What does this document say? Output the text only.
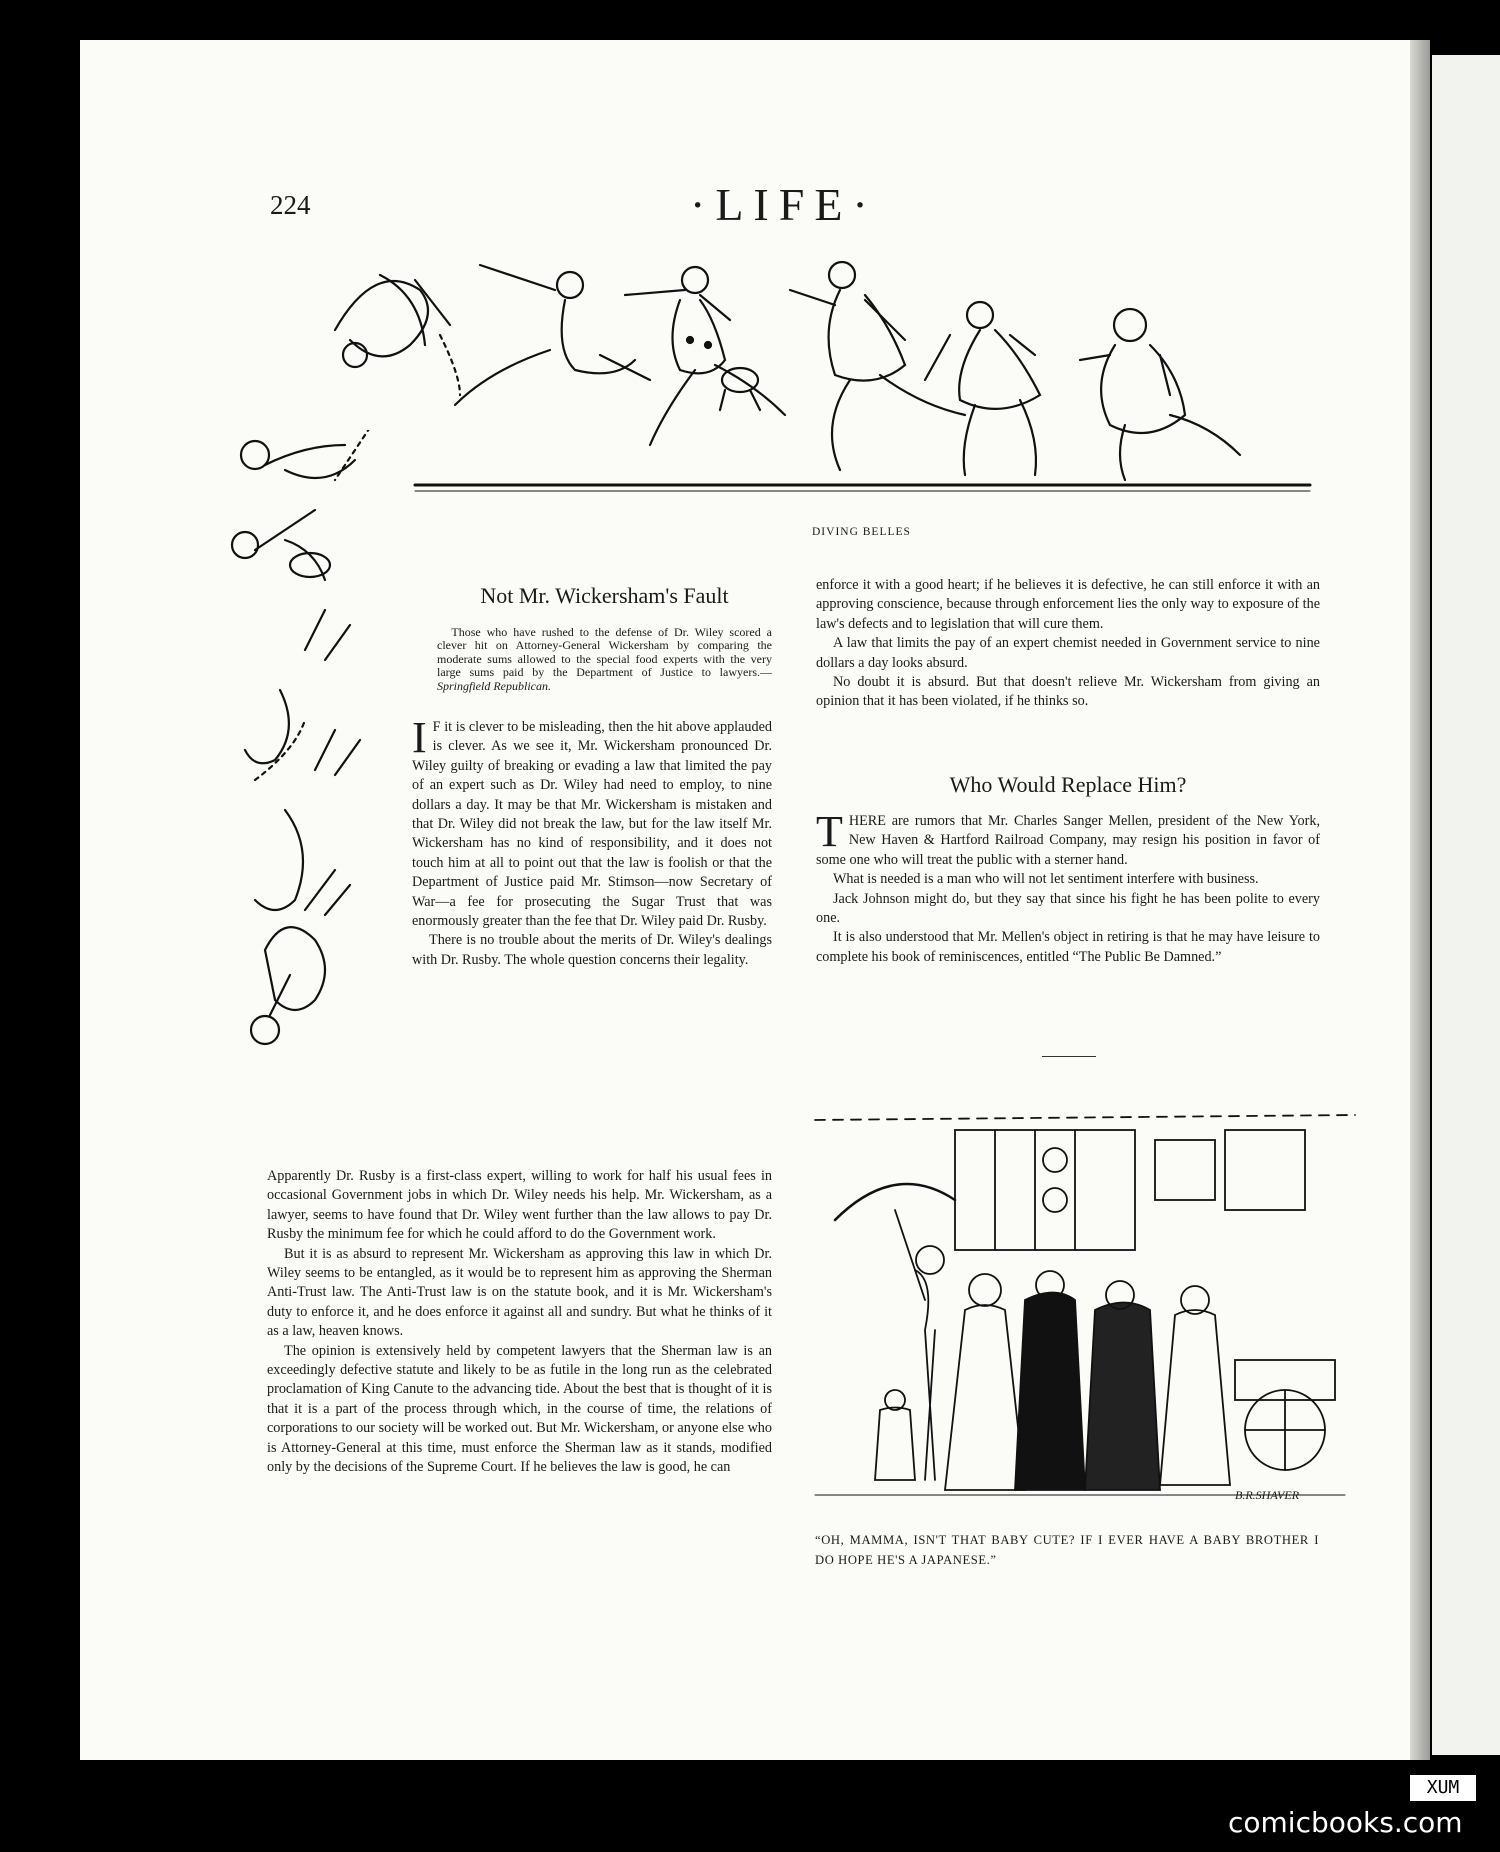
224	·LIFE·
DIVING BELLES
Not Mr. Wickersham's Fault
Those who have rushed to the defense of Dr. Wiley scored a clever hit on Attorney-General Wickersham by comparing the moderate sums allowed to the special food experts with the very large sums paid by the Department of Justice to lawyers.—Springfield Republican.

I F it is clever to be misleading, then the hit above applauded is clever. As we see it, Mr. Wickersham pronounced Dr. Wiley guilty of breaking or evading a law that limited the pay of an expert such as Dr. Wiley had need to employ, to nine dollars a day. It may be that Mr. Wickersham is mistaken and that Dr. Wiley did not break the law, but for the law itself Mr. Wickersham has no kind of responsibility, and it does not touch him at all to point out that the law is foolish or that the Department of Justice paid Mr. Stimson—now Secretary of War—a fee for prosecuting the Sugar Trust that was enormously greater than the fee that Dr. Wiley paid Dr. Rusby.

There is no trouble about the merits of Dr. Wiley's dealings with Dr. Rusby. The whole question concerns their legality.

Apparently Dr. Rusby is a first-class expert, willing to work for half his usual fees in occasional Government jobs in which Dr. Wiley needs his help. Mr. Wickersham, as a lawyer, seems to have found that Dr. Wiley went further than the law allows to pay Dr. Rusby the minimum fee for which he could afford to do the Government work.

But it is as absurd to represent Mr. Wickersham as approving this law in which Dr. Wiley seems to be entangled, as it would be to represent him as approving the Sherman Anti-Trust law. The Anti-Trust law is on the statute book, and it is Mr. Wickersham's duty to enforce it, and he does enforce it against all and sundry. But what he thinks of it as a law, heaven knows.

The opinion is extensively held by competent lawyers that the Sherman law is an exceedingly defective statute and likely to be as futile in the long run as the celebrated proclamation of King Canute to the advancing tide. About the best that is thought of it is that it is a part of the process through which, in the course of time, the relations of corporations to our society will be worked out. But Mr. Wickersham, or anyone else who is Attorney-General at this time, must enforce the Sherman law as it stands, modified only by the decisions of the Supreme Court. If he believes the law is good, he can

enforce it with a good heart; if he believes it is defective, he can still enforce it with an approving conscience, because through enforcement lies the only way to exposure of the law's defects and to legislation that will cure them.

A law that limits the pay of an expert chemist needed in Government service to nine dollars a day looks absurd.

No doubt it is absurd. But that doesn't relieve Mr. Wickersham from giving an opinion that it has been violated, if he thinks so.

Who Would Replace Him?

THERE are rumors that Mr. Charles Sanger Mellen, president of the New York, New Haven & Hartford Railroad Company, may resign his position in favor of some one who will treat the public with a sterner hand.

What is needed is a man who will not let sentiment interfere with business.

Jack Johnson might do, but they say that since his fight he has been polite to every one.

It is also understood that Mr. Mellen's object in retiring is that he may have leisure to complete his book of reminiscences, entitled “The Public Be Damned.”

B.R.SHAVER
“OH, MAMMA, ISN'T THAT BABY CUTE? IF I EVER HAVE A BABY BROTHER I DO HOPE HE'S A JAPANESE.”
XUM
comicbooks.com
